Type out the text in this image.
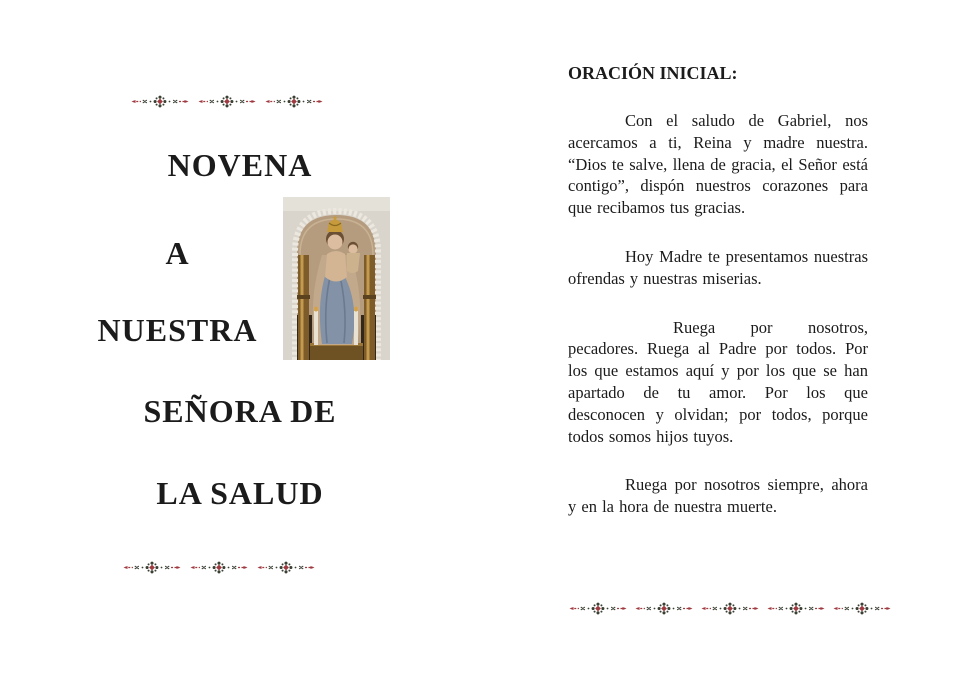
NOVENA
A
NUESTRA
SEÑORA DE
LA SALUD
ORACIÓN INICIAL:

Con el saludo de Gabriel, nos acercamos a ti, Reina y madre nuestra. “Dios te salve, llena de gracia, el Señor está contigo”, dispón nuestros corazones para que recibamos tus gracias.

Hoy Madre te presentamos nuestras ofrendas y nuestras miserias.

Ruega por nosotros, pecadores. Ruega al Padre por todos. Por los que estamos aquí y por los que se han apartado de tu amor. Por los que desconocen y olvidan; por todos, porque todos somos hijos tuyos.

Ruega por nosotros siempre, ahora y en la hora de nuestra muerte.
